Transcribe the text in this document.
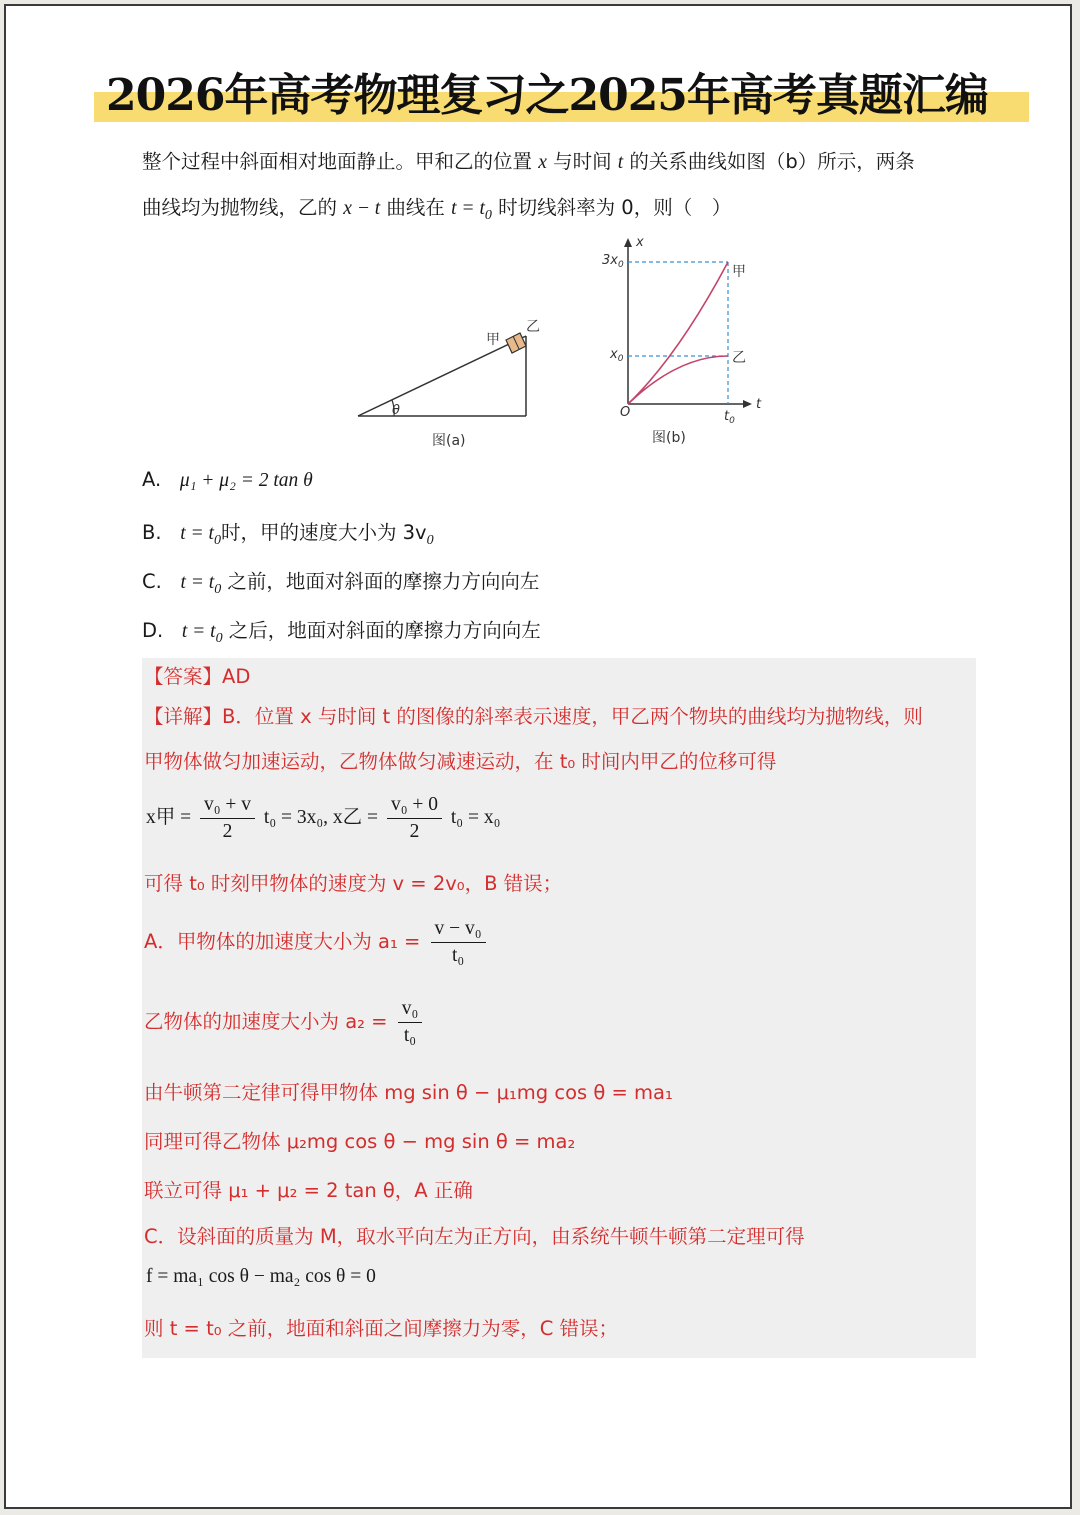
2026年高考物理复习之2025年高考真题汇编
整个过程中斜面相对地面静止。甲和乙的位置 x 与时间 t 的关系曲线如图（b）所示，两条
曲线均为抛物线，乙的 x − t 曲线在 $t = t_0$ 时切线斜率为 0，则（　）
甲
乙
θ
图(a)
x
t
O
$3x_0$
$x_0$
$t_0$
甲
乙
图(b)
A. μ₁ + μ₂ = 2 tan θ
B. $t = t_0$时，甲的速度大小为 $3v_0$
C. $t = t_0$ 之前，地面对斜面的摩擦力方向向左
D. $t = t_0$ 之后，地面对斜面的摩擦力方向向左
【答案】AD
【详解】B．位置 x 与时间 t 的图像的斜率表示速度，甲乙两个物块的曲线均为抛物线，则
甲物体做匀加速运动，乙物体做匀减速运动，在 t₀ 时间内甲乙的位移可得
x甲 = $\frac{\text{v₀ + v}}{2} t_0 = 3x_0$, x乙 = $\frac{\text{v₀ + 0}}{2} t_0 = x_0$
可得 t₀ 时刻甲物体的速度为 v = 2v₀，B 错误；
A．甲物体的加速度大小为 $a_1 = \frac{\text{v − v₀}}{\text{t₀}}$
乙物体的加速度大小为 $a_2 = \frac{\text{v₀}}{\text{t₀}}$
由牛顿第二定律可得甲物体 mg sin θ − μ₁mg cos θ = ma₁
同理可得乙物体 μ₂mg cos θ − mg sin θ = ma₂
联立可得 μ₁ + μ₂ = 2 tan θ，A 正确
C．设斜面的质量为 M，取水平向左为正方向，由系统牛顿牛顿第二定理可得
f = ma₁ cos θ − ma₂ cos θ = 0
则 t = t₀ 之前，地面和斜面之间摩擦力为零，C 错误；
